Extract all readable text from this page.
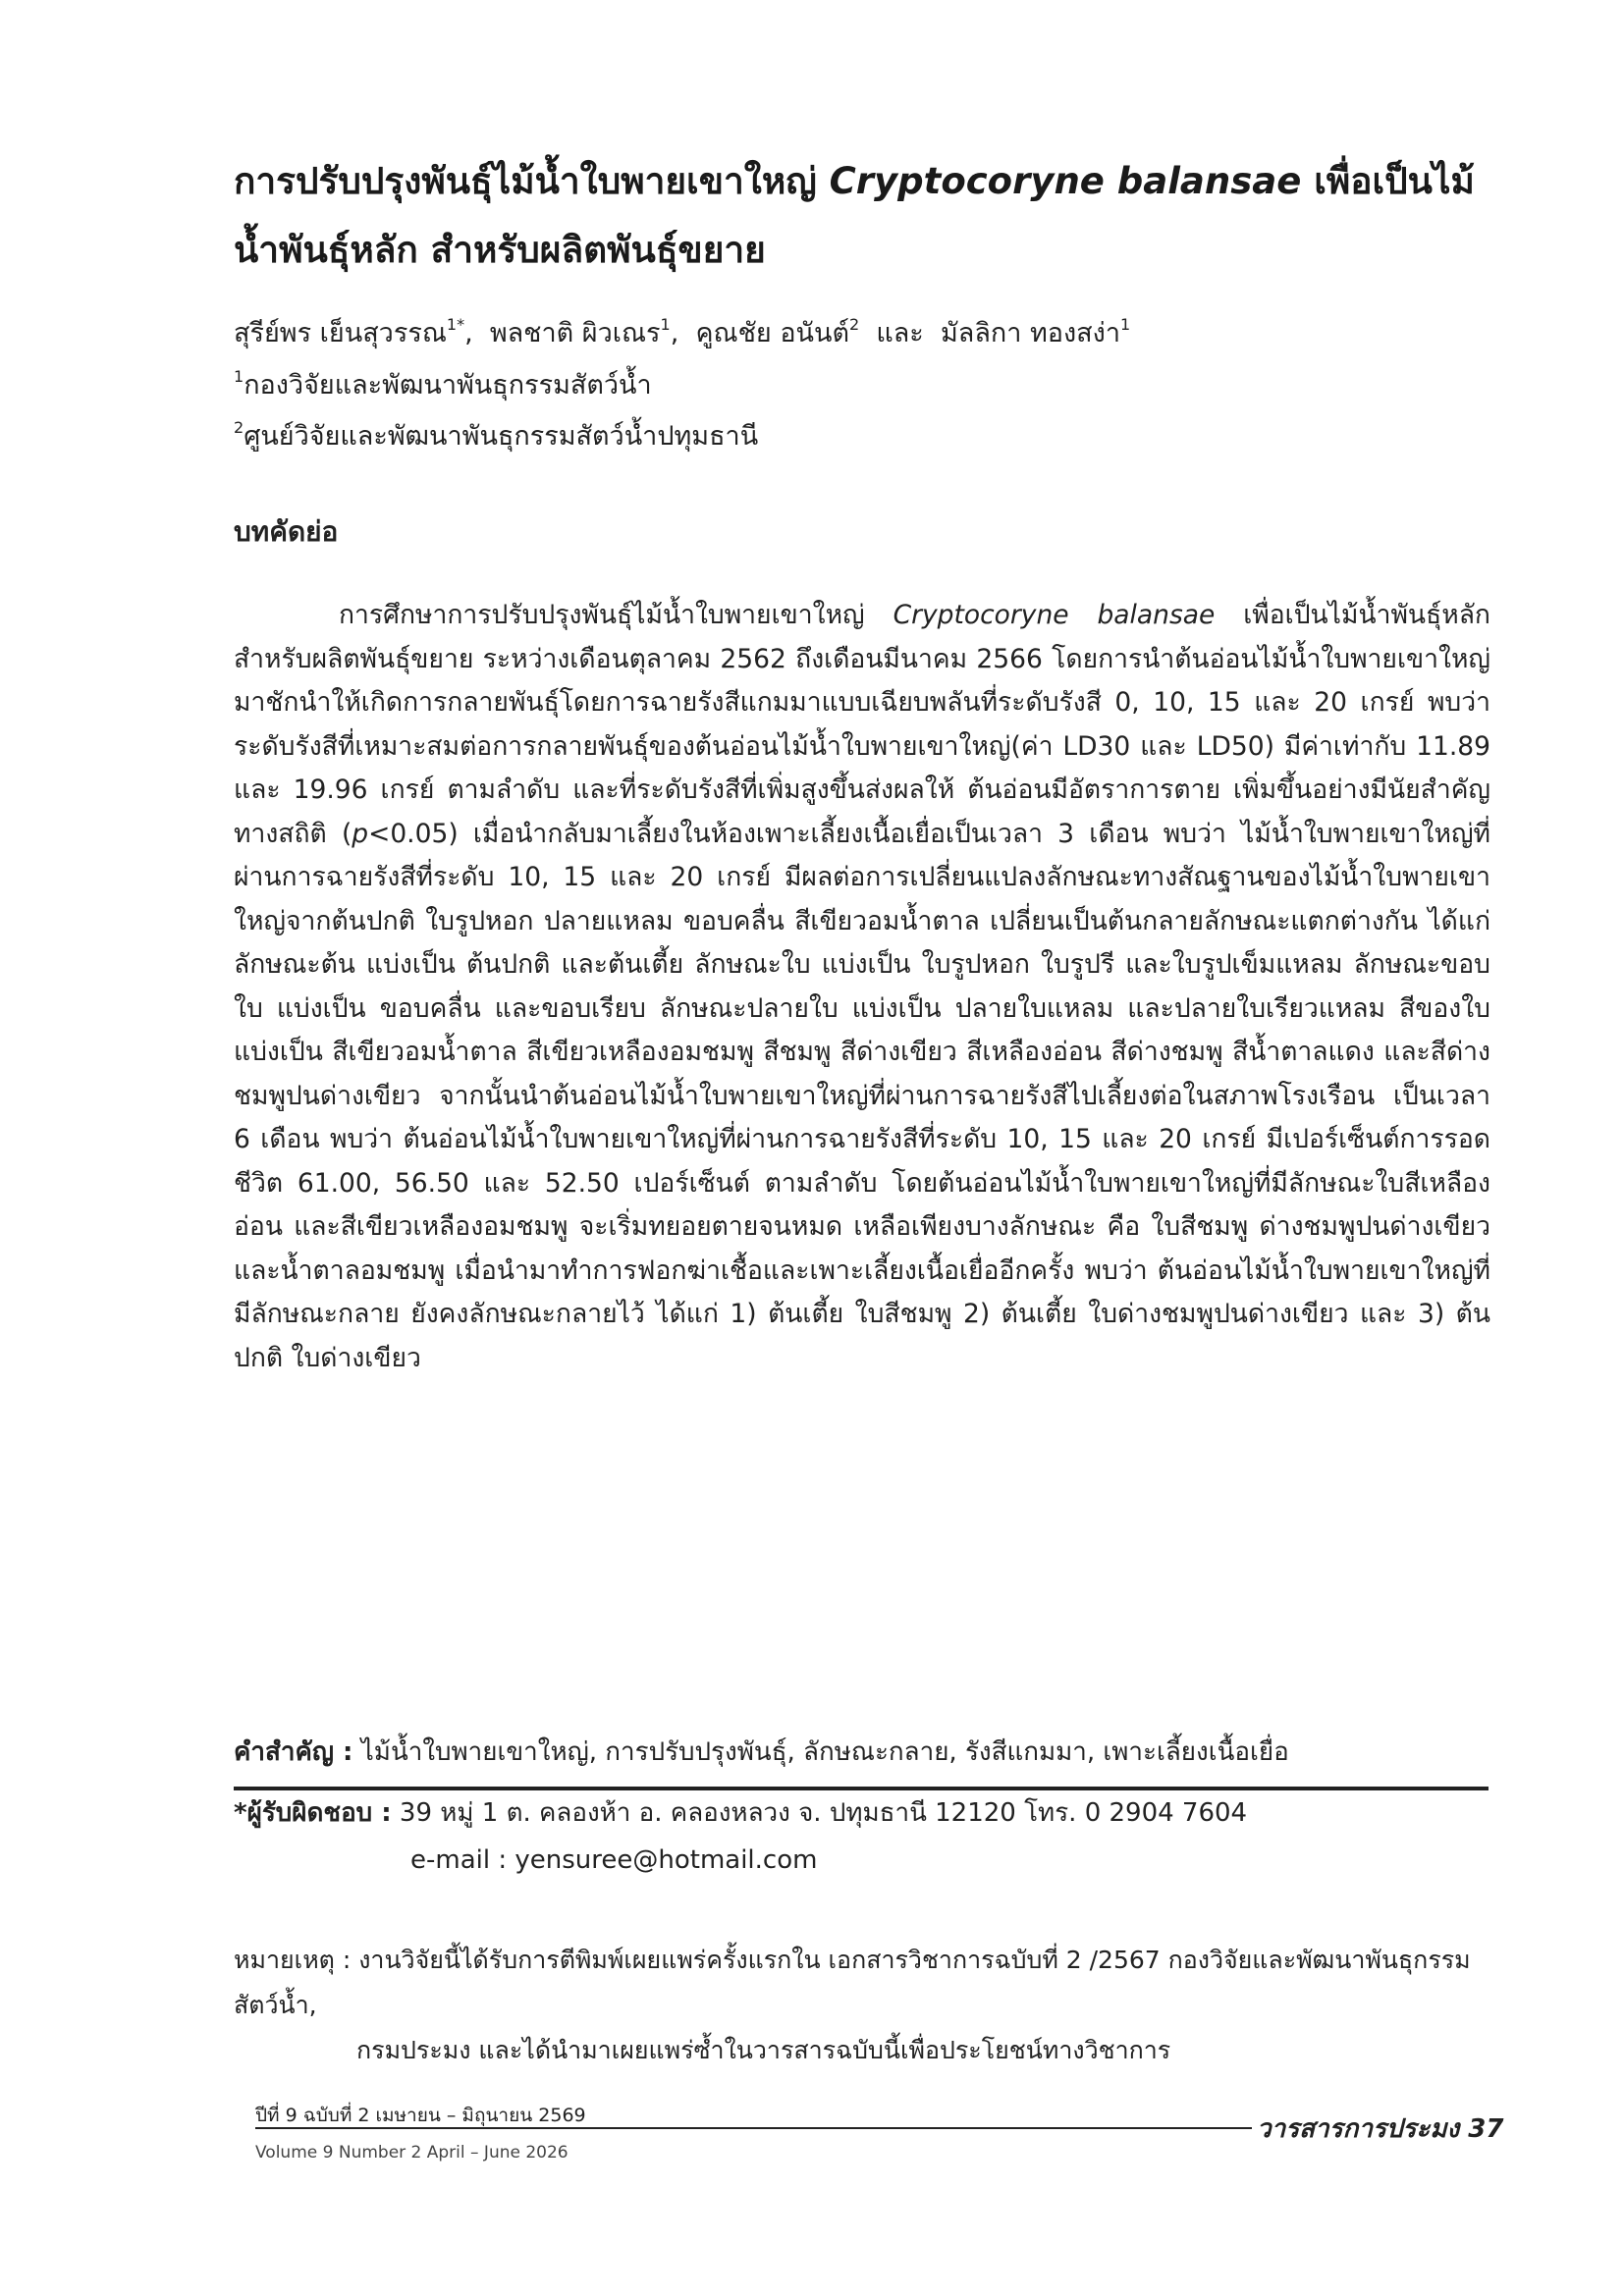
การปรับปรุงพันธุ์ไม้น้ำใบพายเขาใหญ่ Cryptocoryne balansae เพื่อเป็นไม้น้ำพันธุ์หลัก สำหรับผลิตพันธุ์ขยาย
สุรีย์พร เย็นสุวรรณ$^{1*}$,  พลชาติ ผิวเณร$^1$,  คูณชัย อนันต์$^2$ และ มัลลิกา ทองสง่า$^1$
$^1$กองวิจัยและพัฒนาพันธุกรรมสัตว์น้ำ
$^2$ศูนย์วิจัยและพัฒนาพันธุกรรมสัตว์น้ำปทุมธานี
บทคัดย่อ
การศึกษาการปรับปรุงพันธุ์ไม้น้ำใบพายเขาใหญ่ Cryptocoryne balansae เพื่อเป็นไม้น้ำพันธุ์หลัก สำหรับผลิตพันธุ์ขยาย ระหว่างเดือนตุลาคม 2562 ถึงเดือนมีนาคม 2566 โดยการนำต้นอ่อนไม้น้ำใบพายเขาใหญ่ มาชักนำให้เกิดการกลายพันธุ์โดยการฉายรังสีแกมมาแบบเฉียบพลันที่ระดับรังสี 0, 10, 15 และ 20 เกรย์ พบว่า ระดับรังสีที่เหมาะสมต่อการกลายพันธุ์ของต้นอ่อนไม้น้ำใบพายเขาใหญ่(ค่า LD30 และ LD50) มีค่าเท่ากับ 11.89 และ 19.96 เกรย์ ตามลำดับ และที่ระดับรังสีที่เพิ่มสูงขึ้นส่งผลให้ ต้นอ่อนมีอัตราการตาย เพิ่มขึ้นอย่างมีนัยสำคัญทางสถิติ (p<0.05) เมื่อนำกลับมาเลี้ยงในห้องเพาะเลี้ยงเนื้อเยื่อเป็นเวลา 3 เดือน พบว่า ไม้น้ำใบพายเขาใหญ่ที่ผ่านการฉายรังสีที่ระดับ 10, 15 และ 20 เกรย์ มีผลต่อการเปลี่ยนแปลงลักษณะทางสัณฐานของไม้น้ำใบพายเขาใหญ่จากต้นปกติ ใบรูปหอก ปลายแหลม ขอบคลื่น สีเขียวอมน้ำตาล เปลี่ยนเป็นต้นกลายลักษณะแตกต่างกัน ได้แก่ ลักษณะต้น แบ่งเป็น ต้นปกติ และต้นเตี้ย ลักษณะใบ แบ่งเป็น ใบรูปหอก ใบรูปรี และใบรูปเข็มแหลม ลักษณะขอบใบ แบ่งเป็น ขอบคลื่น และขอบเรียบ ลักษณะปลายใบ แบ่งเป็น ปลายใบแหลม และปลายใบเรียวแหลม สีของใบ แบ่งเป็น สีเขียวอมน้ำตาล สีเขียวเหลืองอมชมพู สีชมพู สีด่างเขียว สีเหลืองอ่อน สีด่างชมพู สีน้ำตาลแดง และสีด่างชมพูปนด่างเขียว จากนั้นนำต้นอ่อนไม้น้ำใบพายเขาใหญ่ที่ผ่านการฉายรังสีไปเลี้ยงต่อในสภาพโรงเรือน เป็นเวลา 6 เดือน พบว่า ต้นอ่อนไม้น้ำใบพายเขาใหญ่ที่ผ่านการฉายรังสีที่ระดับ 10, 15 และ 20 เกรย์ มีเปอร์เซ็นต์การรอดชีวิต 61.00, 56.50 และ 52.50 เปอร์เซ็นต์ ตามลำดับ โดยต้นอ่อนไม้น้ำใบพายเขาใหญ่ที่มีลักษณะใบสีเหลืองอ่อน และสีเขียวเหลืองอมชมพู จะเริ่มทยอยตายจนหมด เหลือเพียงบางลักษณะ คือ ใบสีชมพู ด่างชมพูปนด่างเขียว และน้ำตาลอมชมพู เมื่อนำมาทำการฟอกฆ่าเชื้อและเพาะเลี้ยงเนื้อเยื่ออีกครั้ง พบว่า ต้นอ่อนไม้น้ำใบพายเขาใหญ่ที่มีลักษณะกลาย ยังคงลักษณะกลายไว้ ได้แก่ 1) ต้นเตี้ย ใบสีชมพู 2) ต้นเตี้ย ใบด่างชมพูปนด่างเขียว และ 3) ต้นปกติ ใบด่างเขียว
คำสำคัญ : ไม้น้ำใบพายเขาใหญ่, การปรับปรุงพันธุ์, ลักษณะกลาย, รังสีแกมมา, เพาะเลี้ยงเนื้อเยื่อ
*ผู้รับผิดชอบ : 39 หมู่ 1 ต. คลองห้า อ. คลองหลวง จ. ปทุมธานี 12120 โทร. 0 2904 7604
e-mail : yensuree@hotmail.com
หมายเหตุ : งานวิจัยนี้ได้รับการตีพิมพ์เผยแพร่ครั้งแรกใน เอกสารวิชาการฉบับที่ 2 /2567 กองวิจัยและพัฒนาพันธุกรรมสัตว์น้ำ,
กรมประมง และได้นำมาเผยแพร่ซ้ำในวารสารฉบับนี้เพื่อประโยชน์ทางวิชาการ
ปีที่ 9 ฉบับที่ 2 เมษายน – มิถุนายน 2569
Volume 9 Number 2 April – June 2026
วารสารการประมง 37
